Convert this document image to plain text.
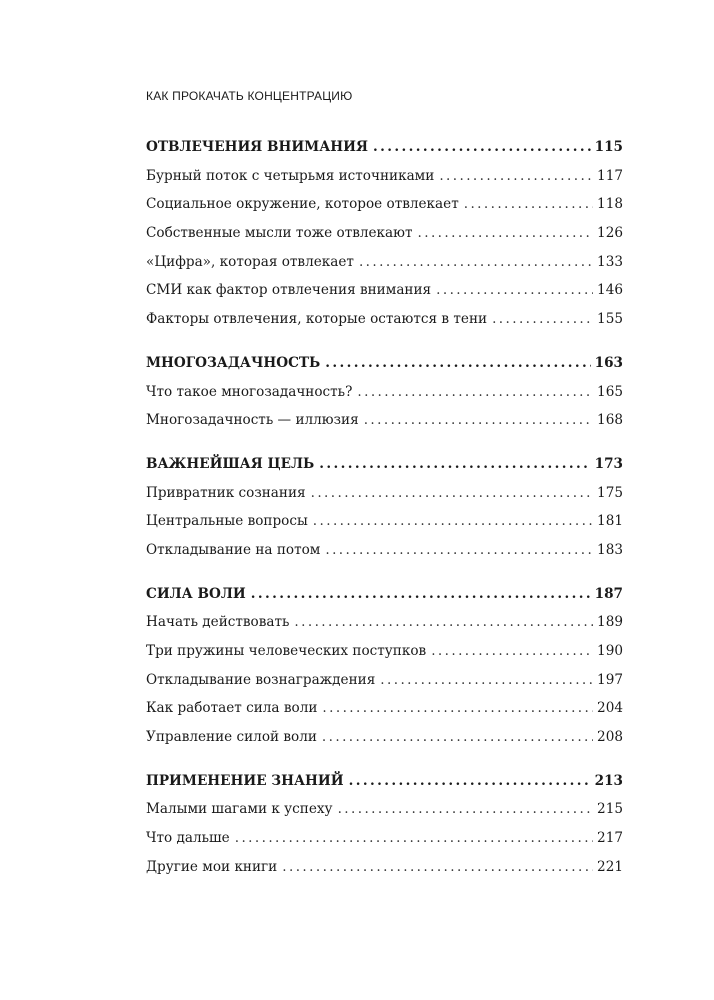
КАК ПРОКАЧАТЬ КОНЦЕНТРАЦИЮ
ОТВЛЕЧЕНИЯ ВНИМАНИЯ .....	115
Бурный поток с четырьмя источниками .....	117
Социальное окружение, которое отвлекает .....	118
Собственные мысли тоже отвлекают .....	126
«Цифра», которая отвлекает .....	133
СМИ как фактор отвлечения внимания .....	146
Факторы отвлечения, которые остаются в тени .....	155
МНОГОЗАДАЧНОСТЬ .....	163
Что такое многозадачность? .....	165
Многозадачность — иллюзия .....	168
ВАЖНЕЙШАЯ ЦЕЛЬ .....	173
Привратник сознания .....	175
Центральные вопросы .....	181
Откладывание на потом .....	183
СИЛА ВОЛИ .....	187
Начать действовать .....	189
Три пружины человеческих поступков .....	190
Откладывание вознаграждения .....	197
Как работает сила воли .....	204
Управление силой воли .....	208
ПРИМЕНЕНИЕ ЗНАНИЙ .....	213
Малыми шагами к успеху .....	215
Что дальше .....	217
Другие мои книги .....	221
